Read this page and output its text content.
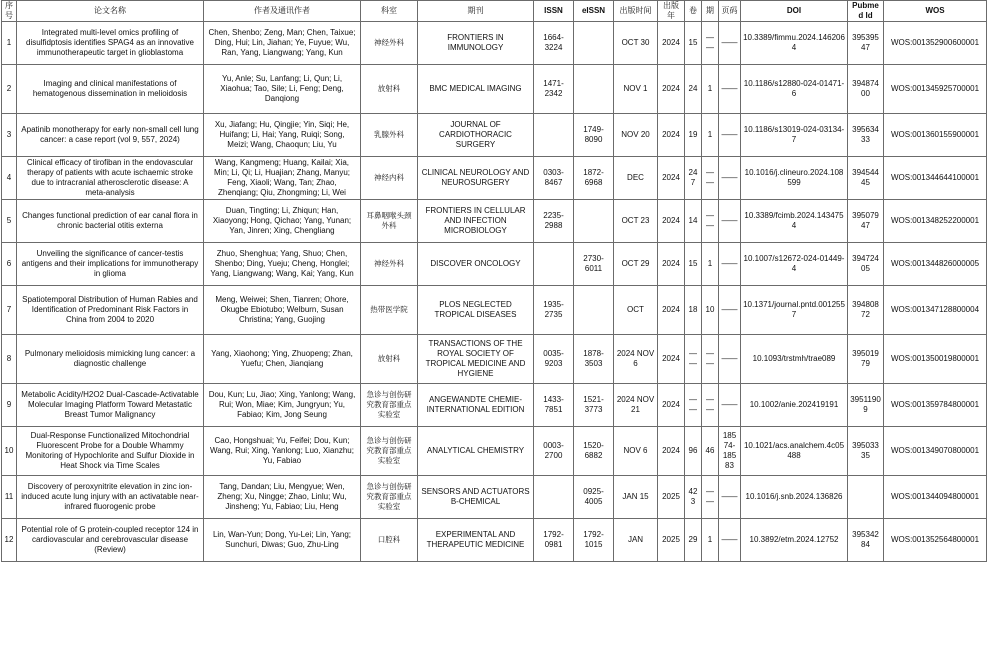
序号	论文名称	作者及通讯作者	科室	期刊	ISSN	eISSN	出版时间	出版年	卷	期	页码	DOI	Pubmed Id	WOS
1	Integrated multi-level omics profiling of disulfidptosis identifies SPAG4 as an innovative immunotherapeutic target in glioblastoma	Chen, Shenbo; Zeng, Man; Chen, Taixue; Ding, Hui; Lin, Jiahan; Ye, Fuyue; Wu, Ran, Yang, Liangwang; Yang, Kun	神经外科	FRONTIERS IN IMMUNOLOGY	1664-3224		OCT 30	2024	15	——	——	10.3389/fimmu.2024.1462064	39539547	WOS:001352900600001
2	Imaging and clinical manifestations of hematogenous dissemination in melioidosis	Yu, Anle; Su, Lanfang; Li, Qun; Li, Xiaohua; Tao, Sile; Li, Feng; Deng, Danqiong	放射科	BMC MEDICAL IMAGING	1471-2342		NOV 1	2024	24	1	——	10.1186/s12880-024-01471-6	39487400	WOS:001345925700001
3	Apatinib monotherapy for early non-small cell lung cancer: a case report (vol 9, 557, 2024)	Xu, Jiafang; Hu, Qingjie; Yin, Siqi; He, Huifang; Li, Hai; Yang, Ruiqi; Song, Meizi; Wang, Chaoqun; Liu, Yu	乳腺外科	JOURNAL OF CARDIOTHORACIC SURGERY		1749-8090	NOV 20	2024	19	1	——	10.1186/s13019-024-03134-7	39563433	WOS:001360155900001
4	Clinical efficacy of tirofiban in the endovascular therapy of patients with acute ischaemic stroke due to intracranial atherosclerotic disease: A meta-analysis	Wang, Kangmeng; Huang, Kailai; Xia, Min; Li, Qi; Li, Huajian; Zhang, Manyu; Feng, Xiaoli; Wang, Tan; Zhao, Zhenqiang; Qiu, Zhongming; Li, Wei	神经内科	CLINICAL NEUROLOGY AND NEUROSURGERY	0303-8467	1872-6968	DEC	2024	247	——	——	10.1016/j.clineuro.2024.108599	39454445	WOS:001344644100001
5	Changes functional prediction of ear canal flora in chronic bacterial otitis externa	Duan, Tingting; Li, Zhiqun; Han, Xiaoyong; Hong, Qichao; Yang, Yunan; Yan, Jinren; Xing, Chengliang	耳鼻咽喉头颈外科	FRONTIERS IN CELLULAR AND INFECTION MICROBIOLOGY	2235-2988		OCT 23	2024	14	——	——	10.3389/fcimb.2024.1434754	39507947	WOS:001348252200001
6	Unveiling the significance of cancer-testis antigens and their implications for immunotherapy in glioma	Zhuo, Shenghua; Yang, Shuo; Chen, Shenbo; Ding, Yueju; Cheng, Honglei; Yang, Liangwang; Wang, Kai; Yang, Kun	神经外科	DISCOVER ONCOLOGY		2730-6011	OCT 29	2024	15	1	——	10.1007/s12672-024-01449-4	39472405	WOS:001344826000005
7	Spatiotemporal Distribution of Human Rabies and Identification of Predominant Risk Factors in China from 2004 to 2020	Meng, Weiwei; Shen, Tianren; Ohore, Okugbe Ebiotubo; Welburn, Susan Christina; Yang, Guojing	热带医学院	PLOS NEGLECTED TROPICAL DISEASES	1935-2735		OCT	2024	18	10	——	10.1371/journal.pntd.0012557	39480872	WOS:001347128800004
8	Pulmonary melioidosis mimicking lung cancer: a diagnostic challenge	Yang, Xiaohong; Ying, Zhuopeng; Zhan, Yuefu; Chen, Jianqiang	放射科	TRANSACTIONS OF THE ROYAL SOCIETY OF TROPICAL MEDICINE AND HYGIENE	0035-9203	1878-3503	2024 NOV 6	2024	——	——	——	10.1093/trstmh/trae089	39501979	WOS:001350019800001
9	Metabolic Acidity/H2O2 Dual-Cascade-Activatable Molecular Imaging Platform Toward Metastatic Breast Tumor Malignancy	Dou, Kun; Lu, Jiao; Xing, Yanlong; Wang, Rui; Won, Miae; Kim, Jungryun; Yu, Fabiao; Kim, Jong Seung	急诊与创伤研究教育部重点实验室	ANGEWANDTE CHEMIE-INTERNATIONAL EDITION	1433-7851	1521-3773	2024 NOV 21	2024	——	——	——	10.1002/anie.202419191	39511909	WOS:001359784800001
10	Dual-Response Functionalized Mitochondrial Fluorescent Probe for a Double Whammy Monitoring of Hypochlorite and Sulfur Dioxide in Heat Shock via Time Scales	Cao, Hongshuai; Yu, Feifei; Dou, Kun; Wang, Rui; Xing, Yanlong; Luo, Xianzhu; Yu, Fabiao	急诊与创伤研究教育部重点实验室	ANALYTICAL CHEMISTRY	0003-2700	1520-6882	NOV 6	2024	96	46	18574-18583	10.1021/acs.analchem.4c05488	39503335	WOS:001349070800001
11	Discovery of peroxynitrite elevation in zinc ion-induced acute lung injury with an activatable near-infrared fluorogenic probe	Tang, Dandan; Liu, Mengyue; Wen, Zheng; Xu, Ningge; Zhao, Linlu; Wu, Jinsheng; Yu, Fabiao; Liu, Heng	急诊与创伤研究教育部重点实验室	SENSORS AND ACTUATORS B-CHEMICAL		0925-4005	JAN 15	2025	423	——	——	10.1016/j.snb.2024.136826		WOS:001344094800001
12	Potential role of G protein-coupled receptor 124 in cardiovascular and cerebrovascular disease (Review)	Lin, Wan-Yun; Dong, Yu-Lei; Lin, Yang; Sunchuri, Diwas; Guo, Zhu-Ling	口腔科	EXPERIMENTAL AND THERAPEUTIC MEDICINE	1792-0981	1792-1015	JAN	2025	29	1	——	10.3892/etm.2024.12752	39534284	WOS:001352564800001
